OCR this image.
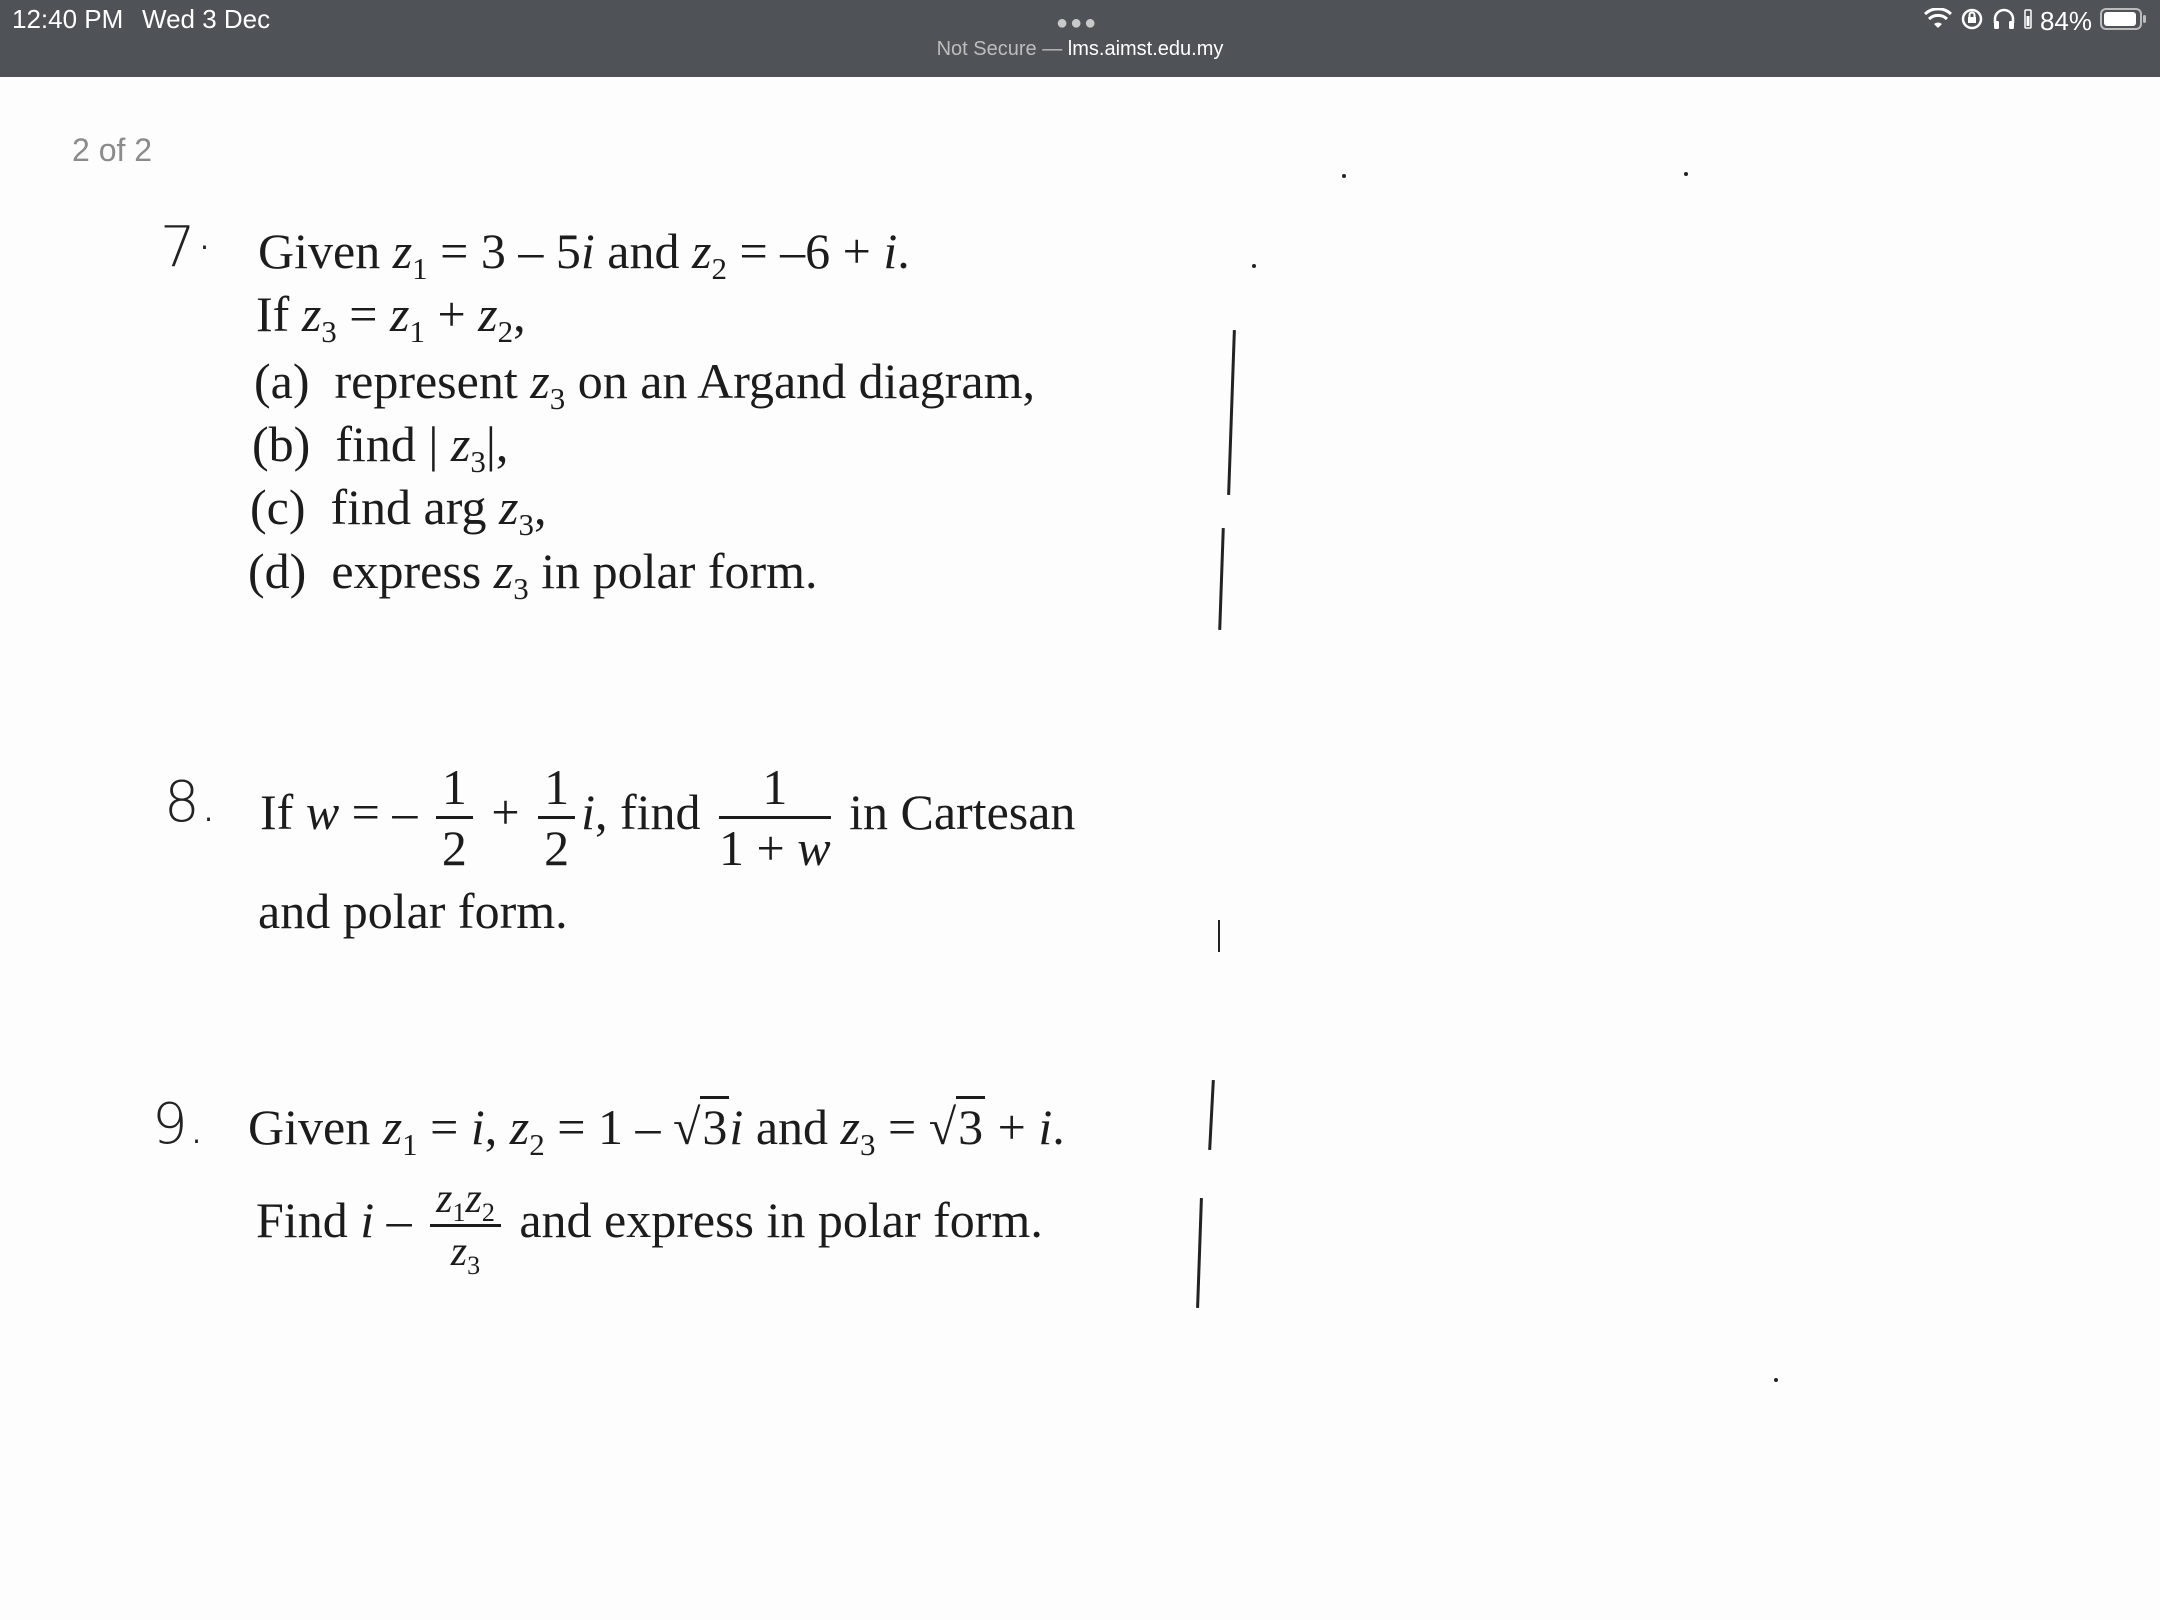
12:40 PM Wed 3 Dec	●●●
Not Secure — lms.aimst.edu.my
84%
2 of 2
7· Given $z_1 = 3 - 5i$ and $z_2 = -6 + i$.
If $z_3 = z_1 + z_2$,
(a) represent $z_3$ on an Argand diagram,
(b) find | $z_3|$,
(c) find arg $z_3$,
(d) express $z_3$ in polar form.
8. If w = – $\frac{1}{2} + \frac{1}{2} i$, find $\frac{1}{1 + w}$ in Cartesan
and polar form.
9. Given $z_1 = i$, $z_2 = 1 - √3i$ and $z_3 = √3 + i$.
Find i – $\frac{z_1z_2}{z_3}$ and express in polar form.
